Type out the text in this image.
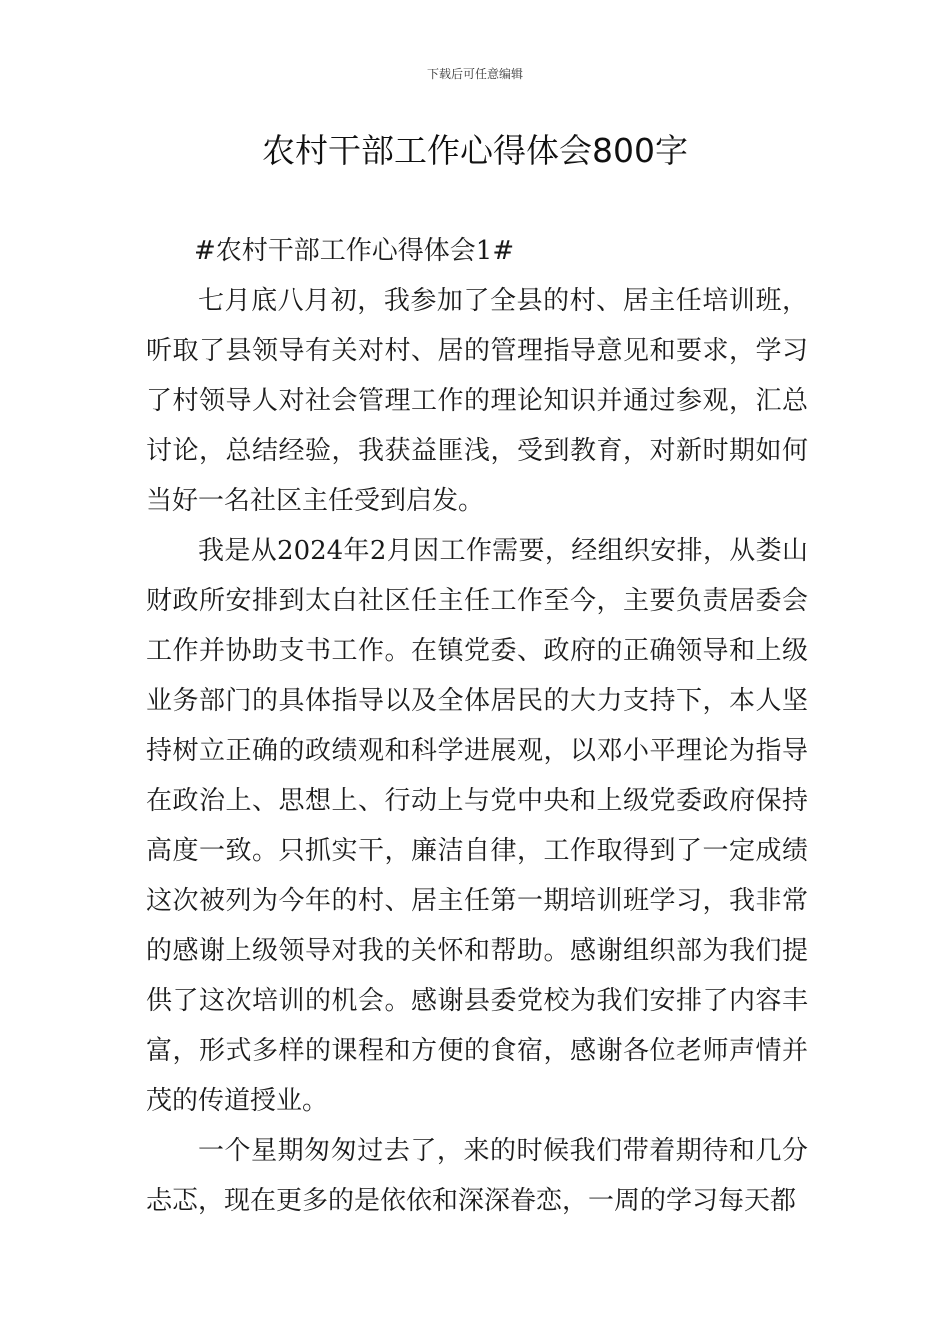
下载后可任意编辑
农村干部工作心得体会800字

#农村干部工作心得体会1#

七月底八月初，我参加了全县的村、居主任培训班，听取了县领导有关对村、居的管理指导意见和要求，学习了村领导人对社会管理工作的理论知识并通过参观，汇总讨论，总结经验，我获益匪浅，受到教育，对新时期如何当好一名社区主任受到启发。

我是从2024年2月因工作需要，经组织安排，从娄山财政所安排到太白社区任主任工作至今，主要负责居委会工作并协助支书工作。在镇党委、政府的正确领导和上级业务部门的具体指导以及全体居民的大力支持下，本人坚持树立正确的政绩观和科学进展观，以邓小平理论为指导在政治上、思想上、行动上与党中央和上级党委政府保持高度一致。只抓实干，廉洁自律，工作取得到了一定成绩这次被列为今年的村、居主任第一期培训班学习，我非常的感谢上级领导对我的关怀和帮助。感谢组织部为我们提供了这次培训的机会。感谢县委党校为我们安排了内容丰富，形式多样的课程和方便的食宿，感谢各位老师声情并茂的传道授业。

一个星期匆匆过去了，来的时候我们带着期待和几分忐忑，现在更多的是依依和深深眷恋，一周的学习每天都
